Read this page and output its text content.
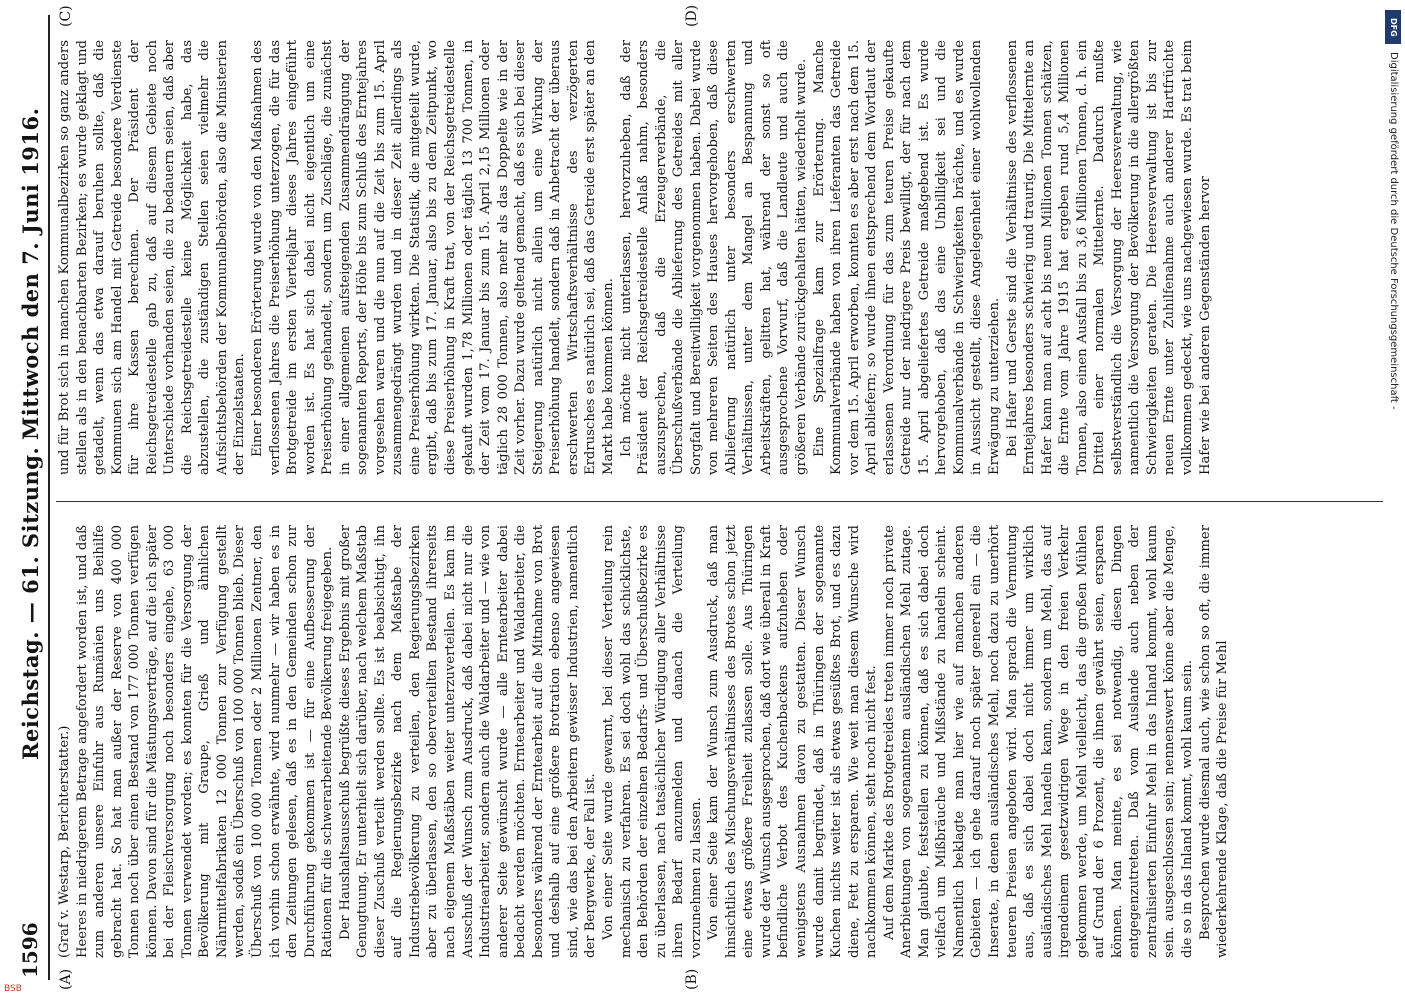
1596
Reichstag. — 61. Sitzung.
Mittwoch den 7. Juni 1916.
(A)	(B)
(C)	(D)

(Graf v. Westarp, Berichterstatter.) Heeres in niedrigerem Betrage angefordert worden ist, und daß zum anderen unsere Einfuhr aus Rumänien uns Beihilfe gebracht hat. So hat man außer der Reserve von 400 000 Tonnen noch über einen Bestand von 177 000 Tonnen verfügen können. Davon sind für die Mästungsverträge, auf die ich später bei der Fleischversorgung noch besonders eingehe, 63 000 Tonnen verwendet worden; es konnten für die Versorgung der Bevölkerung mit Graupe, Grieß und ähnlichen Nährmittelfabrikaten 12 000 Tonnen zur Verfügung gestellt werden, sodaß ein Überschuß von 100 000 Tonnen blieb. Dieser Überschuß von 100 000 Tonnen oder 2 Millionen Zentner, den ich vorhin schon erwähnte, wird nunmehr — wir haben es in den Zeitungen gelesen, daß es in den Gemeinden schon zur Durchführung gekommen ist — für eine Aufbesserung der Rationen für die schwerarbeitende Bevölkerung freigegeben. Der Haushaltsausschuß begrüßte dieses Ergebnis mit großer Genugtuung. Er unterhielt sich darüber, nach welchem Maßstab dieser Zuschuß verteilt werden sollte. Es ist beabsichtigt, ihn auf die Regierungsbezirke nach dem Maßstabe der Industriebevölkerung zu verteilen, den Regierungsbezirken aber zu überlassen, den so oberverteilten Bestand ihrerseits nach eigenem Maßstäben weiter unterzuverteilen. Es kam im Ausschuß der Wunsch zum Ausdruck, daß dabei nicht nur die Industriearbeiter, sondern auch die Waldarbeiter und — wie von anderer Seite gewünscht wurde — alle Erntearbeiter dabei bedacht werden möchten. Erntearbeiter und Waldarbeiter, die besonders während der Erntearbeit auf die Mitnahme von Brot und deshalb auf eine größere Brotration ebenso angewiesen sind, wie das bei den Arbeitern gewisser Industrien, namentlich der Bergwerke, der Fall ist. Von einer Seite wurde gewarnt, bei dieser Verteilung rein mechanisch zu verfahren. Es sei doch wohl das schicklichste, den Behörden der einzelnen Bedarfs- und Überschußbezirke es zu überlassen, nach tatsächlicher Würdigung aller Verhältnisse ihren Bedarf anzumelden und danach die Verteilung vorzunehmen zu lassen. Von einer Seite kam der Wunsch zum Ausdruck, daß man hinsichtlich des Mischungsverhältnisses des Brotes schon jetzt eine etwas größere Freiheit zulassen solle. Aus Thüringen wurde der Wunsch ausgesprochen, daß dort wie überall in Kraft befindliche Verbot des Kuchenbackens aufzuheben oder wenigstens Ausnahmen davon zu gestatten. Dieser Wunsch wurde damit begründet, daß in Thüringen der sogenannte Kuchen nichts weiter ist als etwas gesüßtes Brot, und es dazu diene, Fett zu ersparen. Wie weit man diesem Wunsche wird nachkommen können, steht noch nicht fest. Auf dem Markte des Brotgetreides treten immer noch private Anerbietungen von sogenanntem ausländischen Mehl zutage. Man glaubte, feststellen zu können, daß es sich dabei doch vielfach um Mißbräuche und Mißstände zu handeln scheint. Namentlich beklagte man hier wie auf manchen anderen Gebieten — ich gehe darauf noch später generell ein — die Inserate, in denen ausländisches Mehl, noch dazu zu unerhört teueren Preisen angeboten wird. Man sprach die Vermutung aus, daß es sich dabei doch nicht immer um wirklich ausländisches Mehl handeln kann, sondern um Mehl, das auf irgendeinem gesetzwidrigen Wege in den freien Verkehr gekommen werde, um Mehl vielleicht, das die großen Mühlen auf Grund der 6 Prozent, die ihnen gewährt seien, ersparen können. Man meinte, es sei notwendig, diesen Dingen entgegenzutreten. Daß vom Auslande auch neben der zentralisierten Einfuhr Mehl in das Inland kommt, wohl kaum sein. ausgeschlossen sein; nennenswert könne aber die Menge, die so in das Inland kommt, wohl kaum sein. Besprochen wurde diesmal auch, wie schon so oft, die immer wiederkehrende Klage, daß die Preise für Mehl

und für Brot sich in manchen Kommunalbezirken so ganz anders stellen als in den benachbarten Bezirken; es wurde geklagt und getadelt, wenn das etwa darauf beruhen sollte, daß die Kommunen sich am Handel mit Getreide besondere Verdienste für ihre Kassen berechnen. Der Präsident der Reichsgetreidestelle gab zu, daß auf diesem Gebiete noch Unterschiede vorhanden seien, die zu bedauern seien, daß aber die Reichsgetreidestelle keine Möglichkeit habe, das abzustellen, die zuständigen Stellen seien vielmehr die Aufsichtsbehörden der Kommunalbehörden, also die Ministerien der Einzelstaaten. Einer besonderen Erörterung wurde von den Maßnahmen des verflossenen Jahres die Preiserhöhung unterzogen, die für das Brotgetreide im ersten Vierteljahr dieses Jahres eingeführt worden ist. Es hat sich dabei nicht eigentlich um eine Preiserhöhung gehandelt, sondern um Zuschläge, die zunächst in einer allgemeinen aufsteigenden Zusammendrängung der sogenannten Reports, der Höhe bis zum Schluß des Erntejahres vorgesehen waren und die nun auf die Zeit bis zum 15. April zusammengedrängt wurden und in dieser Zeit allerdings als eine Preiserhöhung wirkten. Die Statistik, die mitgeteilt wurde, ergibt, daß bis zum 17. Januar, also bis zu dem Zeitpunkt, wo diese Preiserhöhung in Kraft trat, von der Reichsgetreidestelle gekauft wurden 1,78 Millionen oder täglich 13 700 Tonnen, in der Zeit vom 17. Januar bis zum 15. April 2,15 Millionen oder täglich 28 000 Tonnen, also mehr als das Doppelte wie in der Zeit vorher. Dazu wurde geltend gemacht, daß es sich bei dieser Steigerung natürlich nicht allein um eine Wirkung der Preiserhöhung handelt, sondern daß in Anbetracht der überaus erschwerten Wirtschaftsverhältnisse des verzögerten Erdrusches es natürlich sei, daß das Getreide erst später an den Markt habe kommen können. Ich möchte nicht unterlassen, hervorzuheben, daß der Präsident der Reichsgetreidestelle Anlaß nahm, besonders auszusprechen, daß die Erzeugerverbände, die Überschußverbände die Ablieferung des Getreides mit aller Sorgfalt und Bereitwilligkeit vorgenommen haben. Dabei wurde von mehreren Seiten des Hauses hervorgehoben, daß diese Ablieferung natürlich unter besonders erschwerten Verhältnissen, unter dem Mangel an Bespannung und Arbeitskräften, gelitten hat, während der sonst so oft ausgesprochene Vorwurf, daß die Landleute und auch die größeren Verbände zurückgehalten hätten, wiederholt wurde. Eine Spezialfrage kam zur Erörterung. Manche Kommunalverbände haben von ihren Lieferanten das Getreide vor dem 15. April erworben, konnten es aber erst nach dem 15. April abliefern; so wurde ihnen entsprechend dem Wortlaut der erlassenen Verordnung für das zum teuren Preise gekaufte Getreide nur der niedrigere Preis bewilligt, der für nach dem 15. April abgeliefertes Getreide maßgebend ist. Es wurde hervorgehoben, daß das eine Unbilligkeit sei und die Kommunalverbände in Schwierigkeiten brächte, und es wurde in Aussicht gestellt, diese Angelegenheit einer wohlwollenden Erwägung zu unterziehen. Bei Hafer und Gerste sind die Verhältnisse des verflossenen Erntejahres besonders schwierig und traurig. Die Mittelernte an Hafer kann man auf acht bis neun Millionen Tonnen schätzen, die Ernte vom Jahre 1915 hat ergeben rund 5,4 Millionen Tonnen, also einen Ausfall bis zu 3,6 Millionen Tonnen, d. h. ein Drittel einer normalen Mittelernte. Dadurch mußte selbstverständlich die Versorgung der Heeresverwaltung, wie namentlich die Versorgung der Bevölkerung in die allergrößten Schwierigkeiten geraten. Die Heeresverwaltung ist bis zur neuen Ernte unter Zuhilfenahme auch anderer Hartfrüchte vollkommen gedeckt, wie uns nachgewiesen wurde. Es trat beim Hafer wie bei anderen Gegenständen hervor

BSB
DFG
Digitalisierung gefördert durch die Deutsche Forschungsgemeinschaft -
